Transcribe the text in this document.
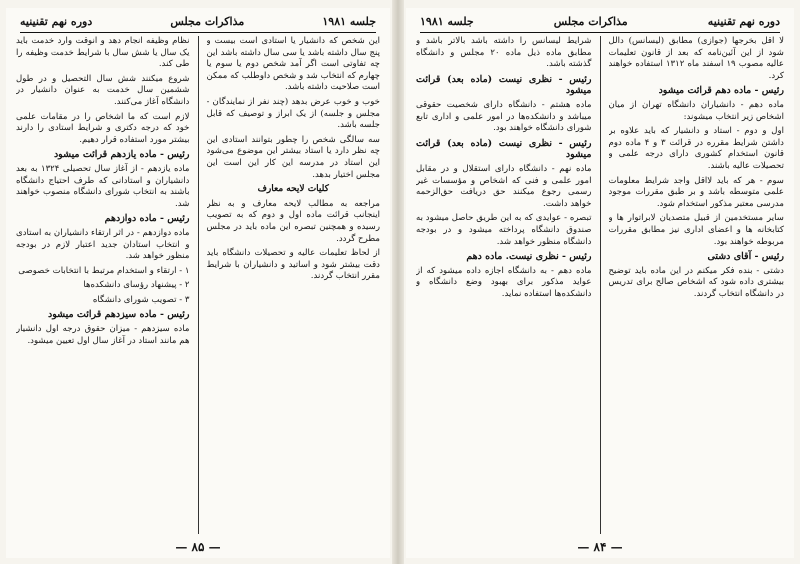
جلسه ۱۹۸۱
مذاکرات مجلس
دوره نهم تقنینیه

این شخص که دانشیار یا استادی است بیست و پنج سال داشته باشد یا سی سال داشته باشد این چه تفاوتی است اگر آمد شخص دوم یا سوم یا چهارم که انتخاب شد و شخص داوطلب که ممکن است صلاحیت داشته باشد.

خوب و خوب عرض بدهد (چند نفر از نمایندگان - مجلس و جلسه) از یک ابراز و توصیف که قابل جلسه باشد.

سه سالگی شخص را چطور بتوانند استادی این چه نظر دارد یا استاد بیشتر این موضوع می‌شود این استاد در مدرسه این کار این است این مجلس اختیار بدهد.

کلیات لایحه معارف

مراجعه به مطالب لایحه معارف و به نظر اینجانب قرائت ماده اول و دوم که به تصویب رسیده و همچنین تبصره این ماده باید در مجلس مطرح گردد.

از لحاظ تعلیمات عالیه و تحصیلات دانشگاه باید دقت بیشتر شود و اساتید و دانشیاران با شرایط مقرر انتخاب گردند.

نظام وظیفه انجام دهد و آنوقت وارد خدمت باید یک سال یا شش سال با شرایط خدمت وظیفه را طی کند.

شروع میکنند شش سال التحصیل و در طول ششمین سال خدمت به عنوان دانشیار در دانشگاه آغاز می‌کنند.

لازم است که ما اشخاص را در مقامات علمی خود که درجه دکتری و شرایط استادی را دارند بیشتر مورد استفاده قرار دهیم.

رئیس - ماده یازدهم قرائت میشود

ماده یازدهم - از آغاز سال تحصیلی ۱۳۲۴ به بعد دانشیاران و استادانی که طرف احتیاج دانشگاه باشند به انتخاب شورای دانشگاه منصوب خواهند شد.

رئیس - ماده دوازدهم

ماده دوازدهم - در اثر ارتقاء دانشیاران به استادی و انتخاب استادان جدید اعتبار لازم در بودجه منظور خواهد شد.

۱ - ارتقاء و استخدام مرتبط با انتخابات خصوصی

۲ - پیشنهاد رؤسای دانشکده‌ها

۳ - تصویب شورای دانشگاه

رئیس - ماده سیزدهم قرائت میشود

ماده سیزدهم - میزان حقوق درجه اول دانشیار هم مانند استاد در آغاز سال اول تعیین میشود.

— ۸۵ —
دوره نهم تقنینیه
مذاکرات مجلس
جلسه ۱۹۸۱

لا اقل بخرجها (جوازی) مطابق (لیسانس) دالل شود از این آئین‌نامه که بعد از قانون تعلیمات عالیه مصوب ۱۹ اسفند ماه ۱۳۱۲ استفاده خواهند کرد.

رئیس - ماده دهم قرائت میشود

ماده دهم - دانشیاران دانشگاه تهران از میان اشخاص زیر انتخاب میشوند:

اول و دوم - استاد و دانشیار که باید علاوه بر داشتن شرایط مقرره در قرائت ۳ و ۴ ماده دوم قانون استخدام کشوری دارای درجه علمی و تحصیلات عالیه باشند.

سوم - هر که باید لااقل واجد شرایط معلومات علمی متوسطه باشد و بر طبق مقررات موجود مدرسی معتبر مذکور استخدام شود.

سایر مستخدمین از قبیل متصدیان لابراتوار ها و کتابخانه ها و اعضای اداری نیز مطابق مقررات مربوطه خواهند بود.

رئیس - آقای دشتی

دشتی - بنده فکر میکنم در این ماده باید توضیح بیشتری داده شود که اشخاص صالح برای تدریس در دانشگاه انتخاب گردند.

شرایط لیسانس را داشته باشد بالاتر باشد و مطابق ماده ذیل ماده ۲۰ مجلس و دانشگاه گذشته باشد.

رئیس - نظری نیست (ماده بعد) قرائت میشود

ماده هشتم - دانشگاه دارای شخصیت حقوقی میباشد و دانشکده‌ها در امور علمی و اداری تابع شورای دانشگاه خواهند بود.

رئیس - نظری نیست (ماده بعد) قرائت میشود

ماده نهم - دانشگاه دارای استقلال و در مقابل امور علمی و فنی که اشخاص و مؤسسات غیر رسمی رجوع میکنند حق دریافت حق‌الزحمه خواهد داشت.

تبصره - عوایدی که به این طریق حاصل میشود به صندوق دانشگاه پرداخته میشود و در بودجه دانشگاه منظور خواهد شد.

رئیس - نظری نیست. ماده دهم

ماده دهم - به دانشگاه اجازه داده میشود که از عواید مذکور برای بهبود وضع دانشگاه و دانشکده‌ها استفاده نماید.

— ۸۴ —
